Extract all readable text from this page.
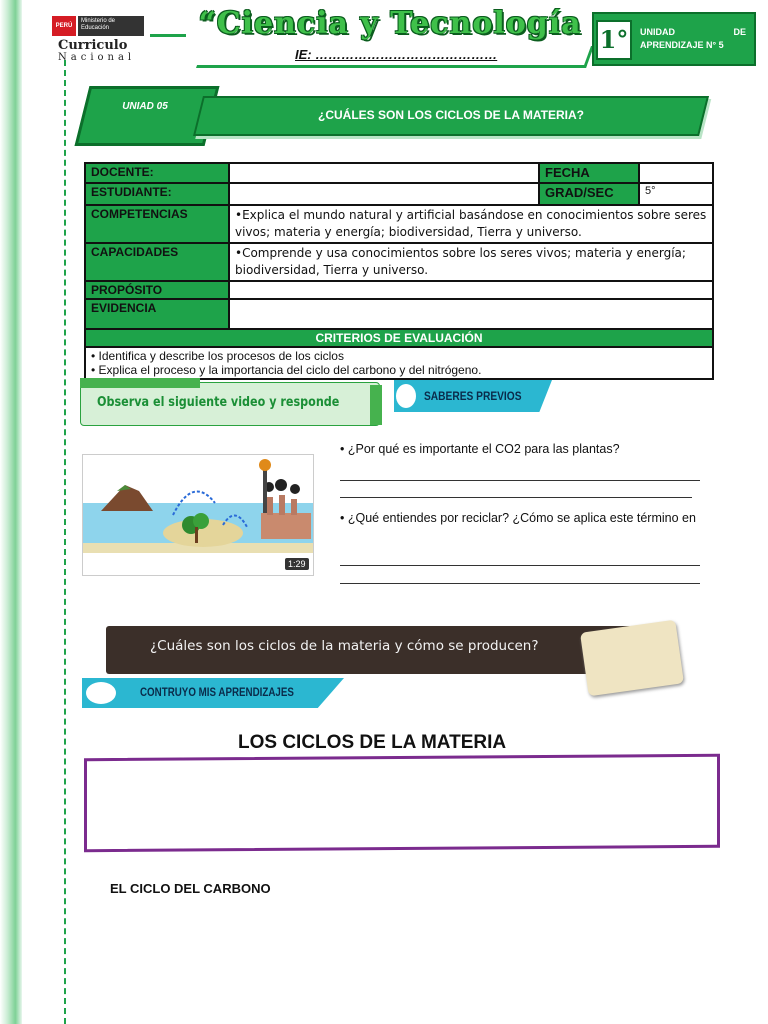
PERÚ
Ministerio de Educación
Curriculo
Nacional
“Ciencia y Tecnología
IE: ……………………………………
1°	UNIDAD DE APRENDIZAJE N° 5
UNIAD 05
¿CUÁLES SON LOS CICLOS DE LA MATERIA?
DOCENTE:		FECHA	
ESTUDIANTE:		GRAD/SEC	5°
COMPETENCIAS	•Explica el mundo natural y artificial basándose en conocimientos sobre seres vivos; materia y energía; biodiversidad, Tierra y universo.		
CAPACIDADES	•Comprende y usa conocimientos sobre los seres vivos; materia y energía; biodiversidad, Tierra y universo.		
PROPÓSITO			
EVIDENCIA			
CRITERIOS DE EVALUACIÓN			

• Identifica y describe los procesos de los ciclos
• Explica el proceso y la importancia del ciclo del carbono y del nitrógeno.			
Observa el siguiente video y responde	SABERES PREVIOS
1:29
• ¿Por qué es importante el CO2 para las plantas?
• ¿Qué entiendes por reciclar? ¿Cómo se aplica este término en
¿Cuáles son los ciclos de la materia y cómo se producen?
CONTRUYO MIS APRENDIZAJES
LOS CICLOS DE LA MATERIA
EL CICLO DEL CARBONO
